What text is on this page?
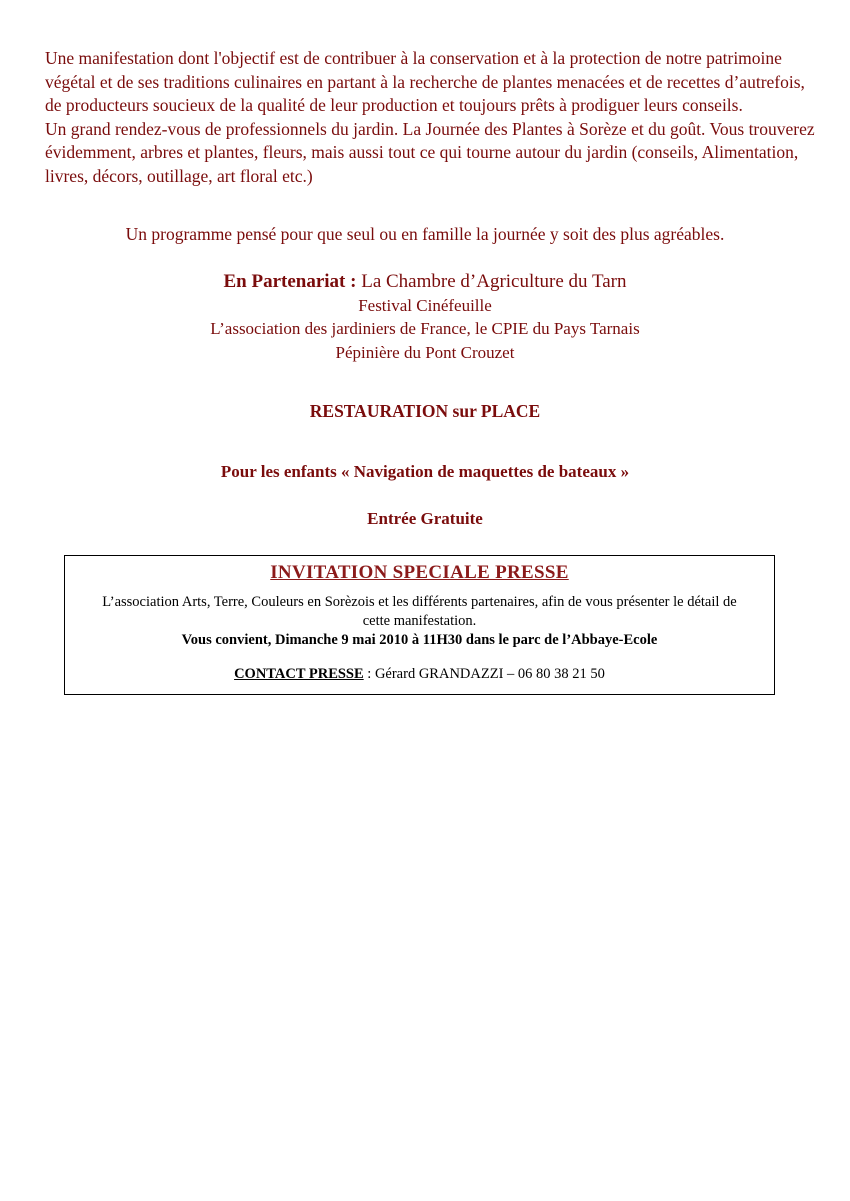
Une manifestation dont l'objectif est de contribuer à la conservation et à la protection de notre patrimoine végétal et de ses traditions culinaires en partant à la recherche de plantes menacées et de recettes d’autrefois, de producteurs soucieux de la qualité de leur production et toujours prêts à prodiguer leurs conseils.

Un grand rendez-vous de professionnels du jardin. La Journée des Plantes à Sorèze et du goût. Vous trouverez évidemment, arbres et plantes, fleurs, mais aussi tout ce qui tourne autour du jardin (conseils, Alimentation, livres, décors, outillage, art floral etc.)

Un programme pensé pour que seul ou en famille la journée y soit des plus agréables.
En Partenariat : La Chambre d’Agriculture du Tarn
Festival Cinéfeuille
L’association des jardiniers de France, le CPIE du Pays Tarnais
Pépinière du Pont Crouzet
RESTAURATION sur PLACE
Pour les enfants « Navigation de maquettes de bateaux »
Entrée Gratuite
INVITATION SPECIALE PRESSE
L’association Arts, Terre, Couleurs en Sorèzois et les différents partenaires, afin de vous présenter le détail de cette manifestation.
Vous convient, Dimanche 9 mai 2010 à 11H30 dans le parc de l’Abbaye-Ecole
CONTACT PRESSE : Gérard GRANDAZZI – 06 80 38 21 50
